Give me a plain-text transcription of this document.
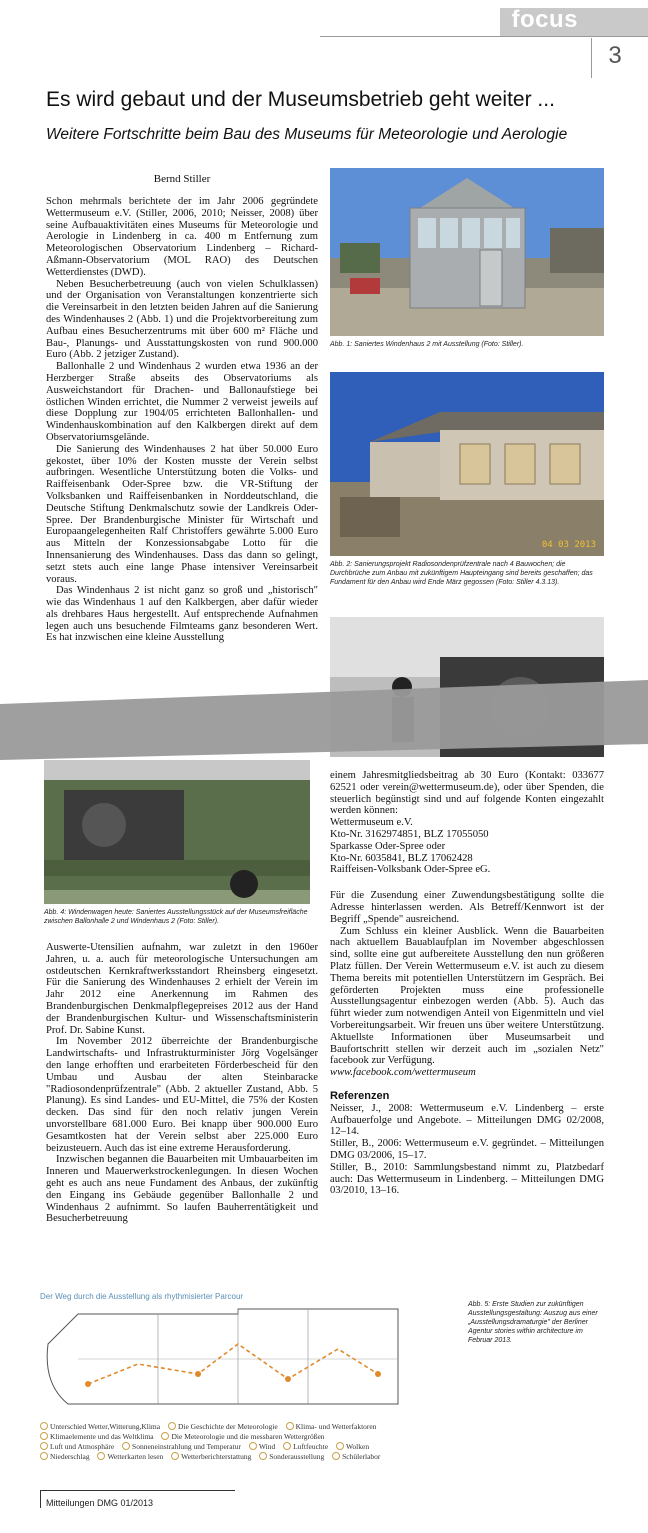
focus
3
Es wird gebaut und der Museumsbetrieb geht weiter ...
Weitere Fortschritte beim Bau des Museums für Meteorologie und Aerologie
Bernd Stiller

Schon mehrmals berichtete der im Jahr 2006 gegründete Wettermuseum e.V. (Stiller, 2006, 2010; Neisser, 2008) über seine Aufbauaktivitäten eines Museums für Meteorologie und Aerologie in Lindenberg in ca. 400 m Entfernung zum Meteorologischen Observatorium Lindenberg – Richard-Aßmann-Observatorium (MOL RAO) des Deutschen Wetterdienstes (DWD).

Neben Besucherbetreuung (auch von vielen Schulklassen) und der Organisation von Veranstaltungen konzentrierte sich die Vereinsarbeit in den letzten beiden Jahren auf die Sanierung des Windenhauses 2 (Abb. 1) und die Projektvorbereitung zum Aufbau eines Besucherzentrums mit über 600 m² Fläche und Bau-, Planungs- und Ausstattungskosten von rund 900.000 Euro (Abb. 2 jetziger Zustand).

Ballonhalle 2 und Windenhaus 2 wurden etwa 1936 an der Herzberger Straße abseits des Observatoriums als Ausweichstandort für Drachen- und Ballonaufstiege bei östlichen Winden errichtet, die Nummer 2 verweist jeweils auf diese Dopplung zur 1904/05 errichteten Ballonhallen- und Windenhauskombination auf den Kalkbergen direkt auf dem Observatoriumsgelände.

Die Sanierung des Windenhauses 2 hat über 50.000 Euro gekostet, über 10% der Kosten musste der Verein selbst aufbringen. Wesentliche Unterstützung boten die Volks- und Raiffeisenbank Oder-Spree bzw. die VR-Stiftung der Volksbanken und Raiffeisenbanken in Norddeutschland, die Deutsche Stiftung Denkmalschutz sowie der Landkreis Oder-Spree. Der Brandenburgische Minister für Wirtschaft und Europaangelegenheiten Ralf Christoffers gewährte 5.000 Euro aus Mitteln der Konzessionsabgabe Lotto für die Innensanierung des Windenhauses. Dass das dann so gelingt, setzt stets auch eine lange Phase intensiver Vereinsarbeit voraus.

Das Windenhaus 2 ist nicht ganz so groß und „historisch" wie das Windenhaus 1 auf den Kalkbergen, aber dafür wieder als drehbares Haus hergestellt. Auf entsprechende Aufnahmen legen auch uns besuchende Filmteams ganz besonderen Wert. Es hat inzwischen eine kleine Ausstellung

Abb. 1: Saniertes Windenhaus 2 mit Ausstellung (Foto: Stiller).
04 03 2013
Abb. 2: Sanierungsprojekt Radiosondenprüfzentrale nach 4 Bauwochen; die Durchbrüche zum Anbau mit zukünftigem Haupteingang sind bereits geschaffen; das Fundament für den Anbau wird Ende März gegossen (Foto: Stiller 4.3.13).
Abb. 4: Windenwagen heute: Saniertes Ausstellungsstück auf der Museumsfreifläche zwischen Ballonhalle 2 und Windenhaus 2 (Foto: Stiller).

Auswerte-Utensilien aufnahm, war zuletzt in den 1960er Jahren, u. a. auch für meteorologische Untersuchungen am ostdeutschen Kernkraftwerksstandort Rheinsberg eingesetzt. Für die Sanierung des Windenhauses 2 erhielt der Verein im Jahr 2012 eine Anerkennung im Rahmen des Brandenburgischen Denkmalpflegepreises 2012 aus der Hand der Brandenburgischen Kultur- und Wissenschaftsministerin Prof. Dr. Sabine Kunst.

Im November 2012 überreichte der Brandenburgische Landwirtschafts- und Infrastrukturminister Jörg Vogelsänger den lange erhofften und erarbeiteten Förderbescheid für den Umbau und Ausbau der alten Steinbaracke "Radiosondenprüfzentrale" (Abb. 2 aktueller Zustand, Abb. 5 Planung). Es sind Landes- und EU-Mittel, die 75% der Kosten decken. Das sind für den noch relativ jungen Verein unvorstellbare 681.000 Euro. Bei knapp über 900.000 Euro Gesamtkosten hat der Verein selbst aber 225.000 Euro beizusteuern. Auch das ist eine extreme Herausforderung.

Inzwischen begannen die Bauarbeiten mit Umbauarbeiten im Inneren und Mauerwerkstrockenlegungen. In diesen Wochen geht es auch ans neue Fundament des Anbaus, der zukünftig den Eingang ins Gebäude gegenüber Ballonhalle 2 und Windenhaus 2 aufnimmt. So laufen Bauherrentätigkeit und Besucherbetreuung

einem Jahresmitgliedsbeitrag ab 30 Euro (Kontakt: 033677 62521 oder verein@wettermuseum.de), oder über Spenden, die steuerlich begünstigt sind und auf folgende Konten eingezahlt werden können:

Wettermuseum e.V.
Kto-Nr. 3162974851, BLZ 17055050
Sparkasse Oder-Spree oder
Kto-Nr. 6035841, BLZ 17062428
Raiffeisen-Volksbank Oder-Spree eG.

Für die Zusendung einer Zuwendungsbestätigung sollte die Adresse hinterlassen werden. Als Betreff/Kennwort ist der Begriff „Spende" ausreichend.

Zum Schluss ein kleiner Ausblick. Wenn die Bauarbeiten nach aktuellem Bauablaufplan im November abgeschlossen sind, sollte eine gut aufbereitete Ausstellung den nun größeren Platz füllen. Der Verein Wettermuseum e.V. ist auch zu diesem Thema bereits mit potentiellen Unterstützern im Gespräch. Bei geförderten Projekten muss eine professionelle Ausstellungsagentur einbezogen werden (Abb. 5). Auch das führt wieder zum notwendigen Anteil von Eigenmitteln und viel Vorbereitungsarbeit. Wir freuen uns über weitere Unterstützung. Aktuellste Informationen über Museumsarbeit und Baufortschritt stellen wir derzeit auch im „sozialen Netz" facebook zur Verfügung.

www.facebook.com/wettermuseum
Referenzen
Neisser, J., 2008: Wettermuseum e.V. Lindenberg – erste Aufbauerfolge und Angebote. – Mitteilungen DMG 02/2008, 12–14.
Stiller, B., 2006: Wettermuseum e.V. gegründet. – Mitteilungen DMG 03/2006, 15–17.
Stiller, B., 2010: Sammlungsbestand nimmt zu, Platzbedarf auch: Das Wettermuseum in Lindenberg. – Mitteilungen DMG 03/2010, 13–16.
Der Weg durch die Ausstellung als rhythmisierter Parcour
Unterschied Wetter,Witterung,Klima Die Geschichte der Meteorologie Klima- und Wetterfaktoren Klimaelemente und das Weltklima Die Meteorologie und die messbaren Wettergrößen Luft und Atmosphäre Sonneneinstrahlung und Temperatur Wind Luftfeuchte Wolken Niederschlag Wetterkarten lesen Wetterberichterstattung Sonderausstellung Schülerlabor
Abb. 5: Erste Studien zur zukünftigen Ausstellungsgestaltung: Auszug aus einer „Ausstellungsdramaturgie" der Berliner Agentur stories within architecture im Februar 2013.
Mitteilungen DMG 01/2013
